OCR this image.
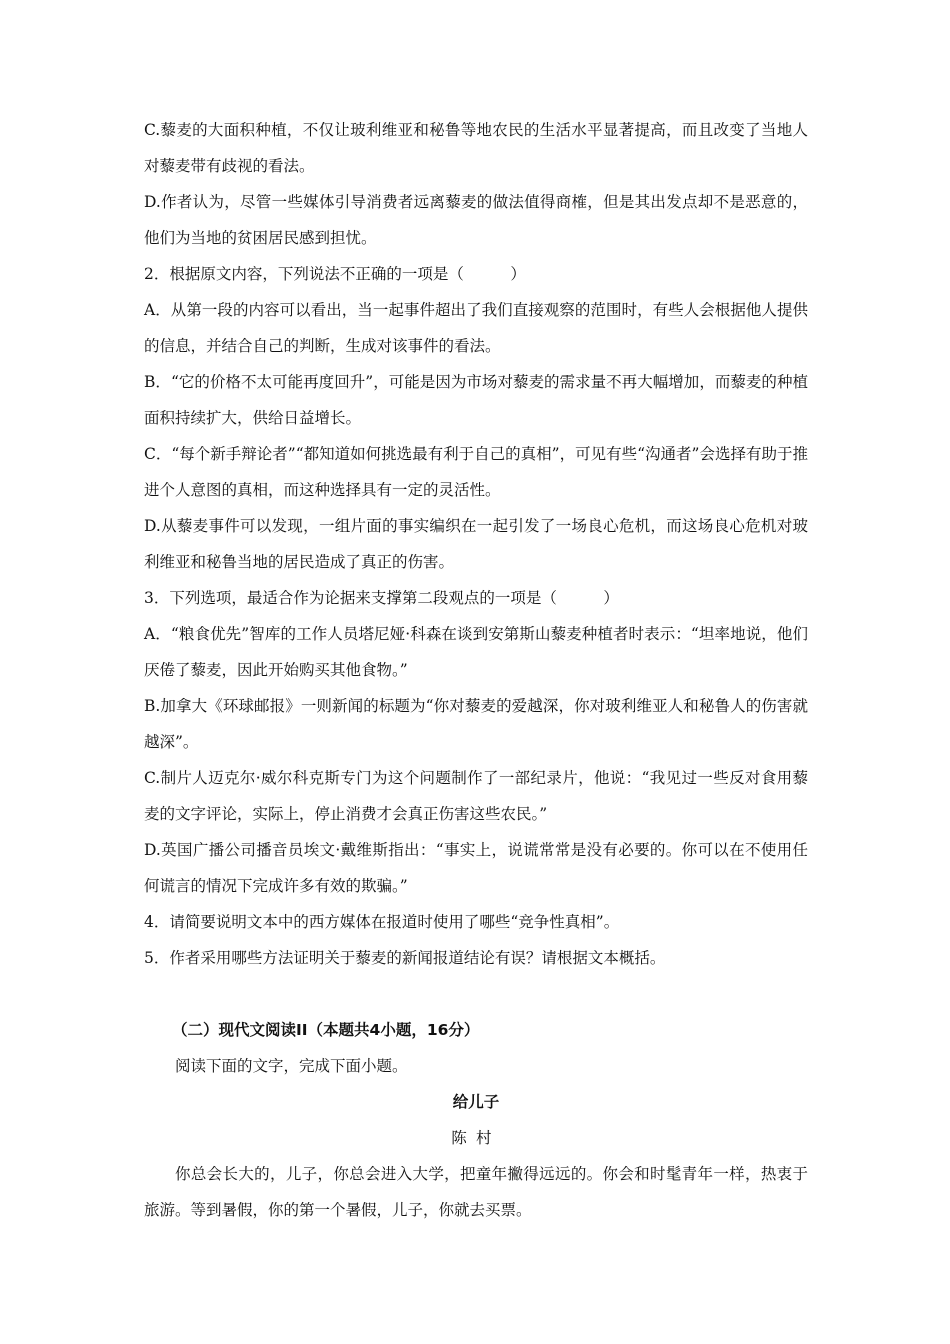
C.藜麦的大面积种植，不仅让玻利维亚和秘鲁等地农民的生活水平显著提高，而且改变了当地人对藜麦带有歧视的看法。

D.作者认为，尽管一些媒体引导消费者远离藜麦的做法值得商榷，但是其出发点却不是恶意的，他们为当地的贫困居民感到担忧。

2．根据原文内容，下列说法不正确的一项是（　　　）

A．从第一段的内容可以看出，当一起事件超出了我们直接观察的范围时，有些人会根据他人提供的信息，并结合自己的判断，生成对该事件的看法。

B．“它的价格不太可能再度回升”，可能是因为市场对藜麦的需求量不再大幅增加，而藜麦的种植面积持续扩大，供给日益增长。

C．“每个新手辩论者”“都知道如何挑选最有利于自己的真相”，可见有些“沟通者”会选择有助于推进个人意图的真相，而这种选择具有一定的灵活性。

D.从藜麦事件可以发现，一组片面的事实编织在一起引发了一场良心危机，而这场良心危机对玻利维亚和秘鲁当地的居民造成了真正的伤害。

3．下列选项，最适合作为论据来支撑第二段观点的一项是（　　　）

A．“粮食优先”智库的工作人员塔尼娅·科森在谈到安第斯山藜麦种植者时表示：“坦率地说，他们厌倦了藜麦，因此开始购买其他食物。”

B.加拿大《环球邮报》一则新闻的标题为“你对藜麦的爱越深，你对玻利维亚人和秘鲁人的伤害就越深”。

C.制片人迈克尔·威尔科克斯专门为这个问题制作了一部纪录片，他说：“我见过一些反对食用藜麦的文字评论，实际上，停止消费才会真正伤害这些农民。”

D.英国广播公司播音员埃文·戴维斯指出：“事实上，说谎常常是没有必要的。你可以在不使用任何谎言的情况下完成许多有效的欺骗。”

4．请简要说明文本中的西方媒体在报道时使用了哪些“竞争性真相”。

5．作者采用哪些方法证明关于藜麦的新闻报道结论有误？请根据文本概括。

（二）现代文阅读II（本题共4小题，16分）

阅读下面的文字，完成下面小题。

给儿子

陈村

你总会长大的，儿子，你总会进入大学，把童年撇得远远的。你会和时髦青年一样，热衷于旅游。等到暑假，你的第一个暑假，儿子，你就去买票。
